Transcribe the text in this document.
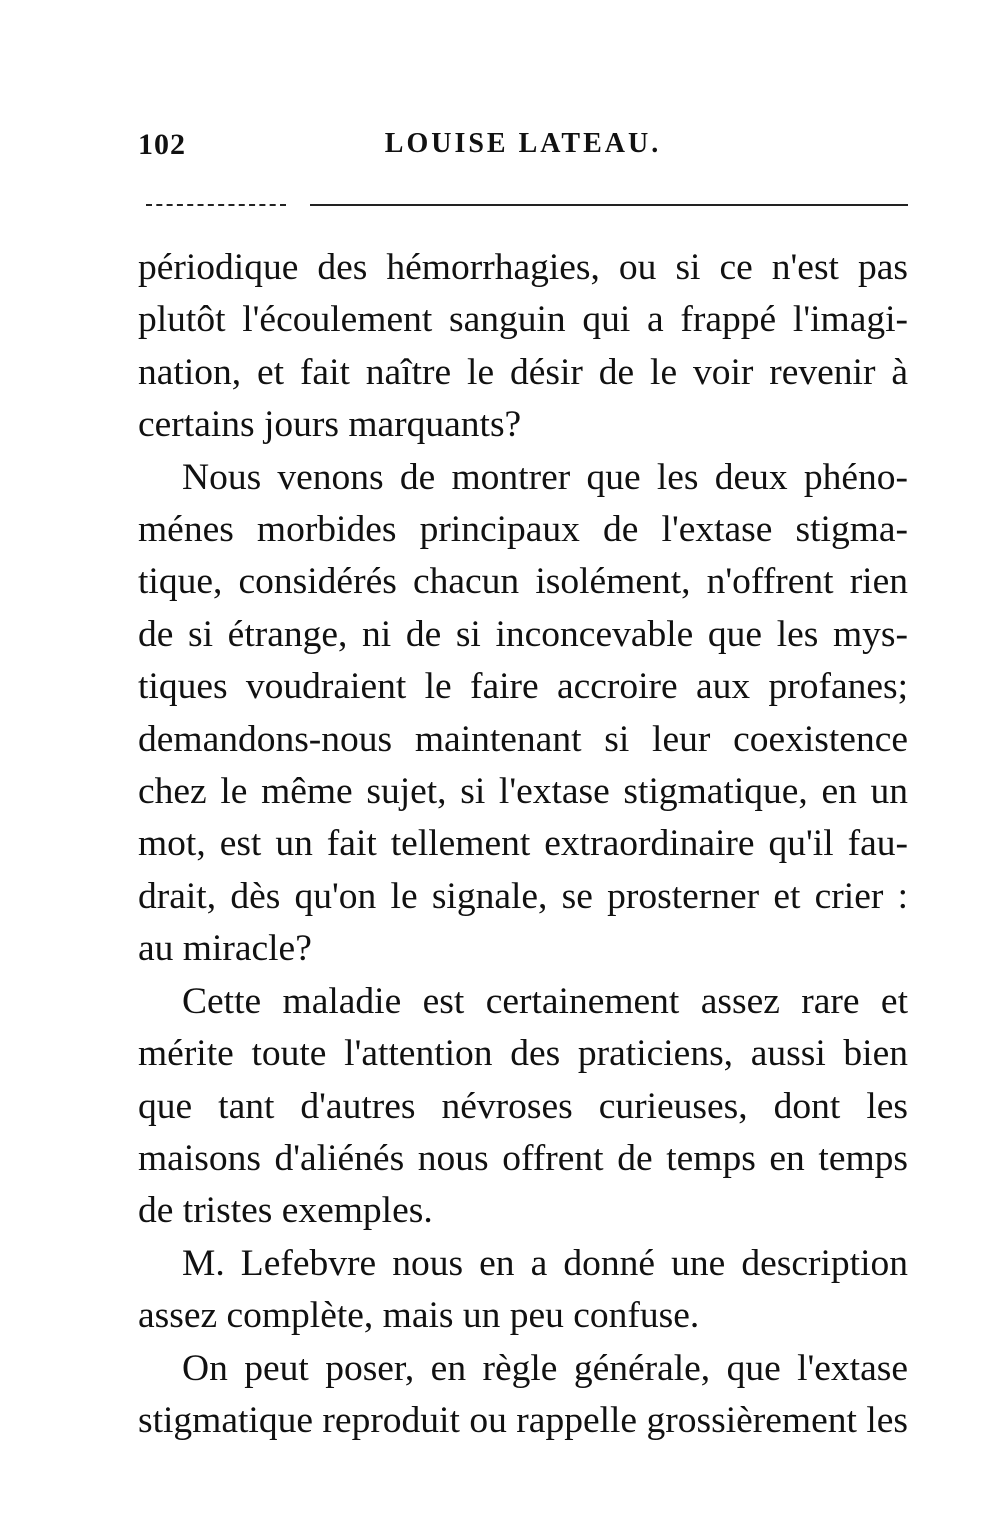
102	LOUISE LATEAU.

périodique des hémorrhagies, ou si ce n'est pas
plutôt l'écoulement sanguin qui a frappé l'imagi-
nation, et fait naître le désir de le voir revenir à
certains jours marquants?

Nous venons de montrer que les deux phéno-
ménes morbides principaux de l'extase stigma-
tique, considérés chacun isolément, n'offrent rien
de si étrange, ni de si inconcevable que les mys-
tiques voudraient le faire accroire aux profanes;
demandons-nous maintenant si leur coexistence
chez le même sujet, si l'extase stigmatique, en un
mot, est un fait tellement extraordinaire qu'il fau-
drait, dès qu'on le signale, se prosterner et crier :
au miracle?

Cette maladie est certainement assez rare et
mérite toute l'attention des praticiens, aussi bien
que tant d'autres névroses curieuses, dont les
maisons d'aliénés nous offrent de temps en temps
de tristes exemples.

M. Lefebvre nous en a donné une description
assez complète, mais un peu confuse.

On peut poser, en règle générale, que l'extase
stigmatique reproduit ou rappelle grossièrement les
